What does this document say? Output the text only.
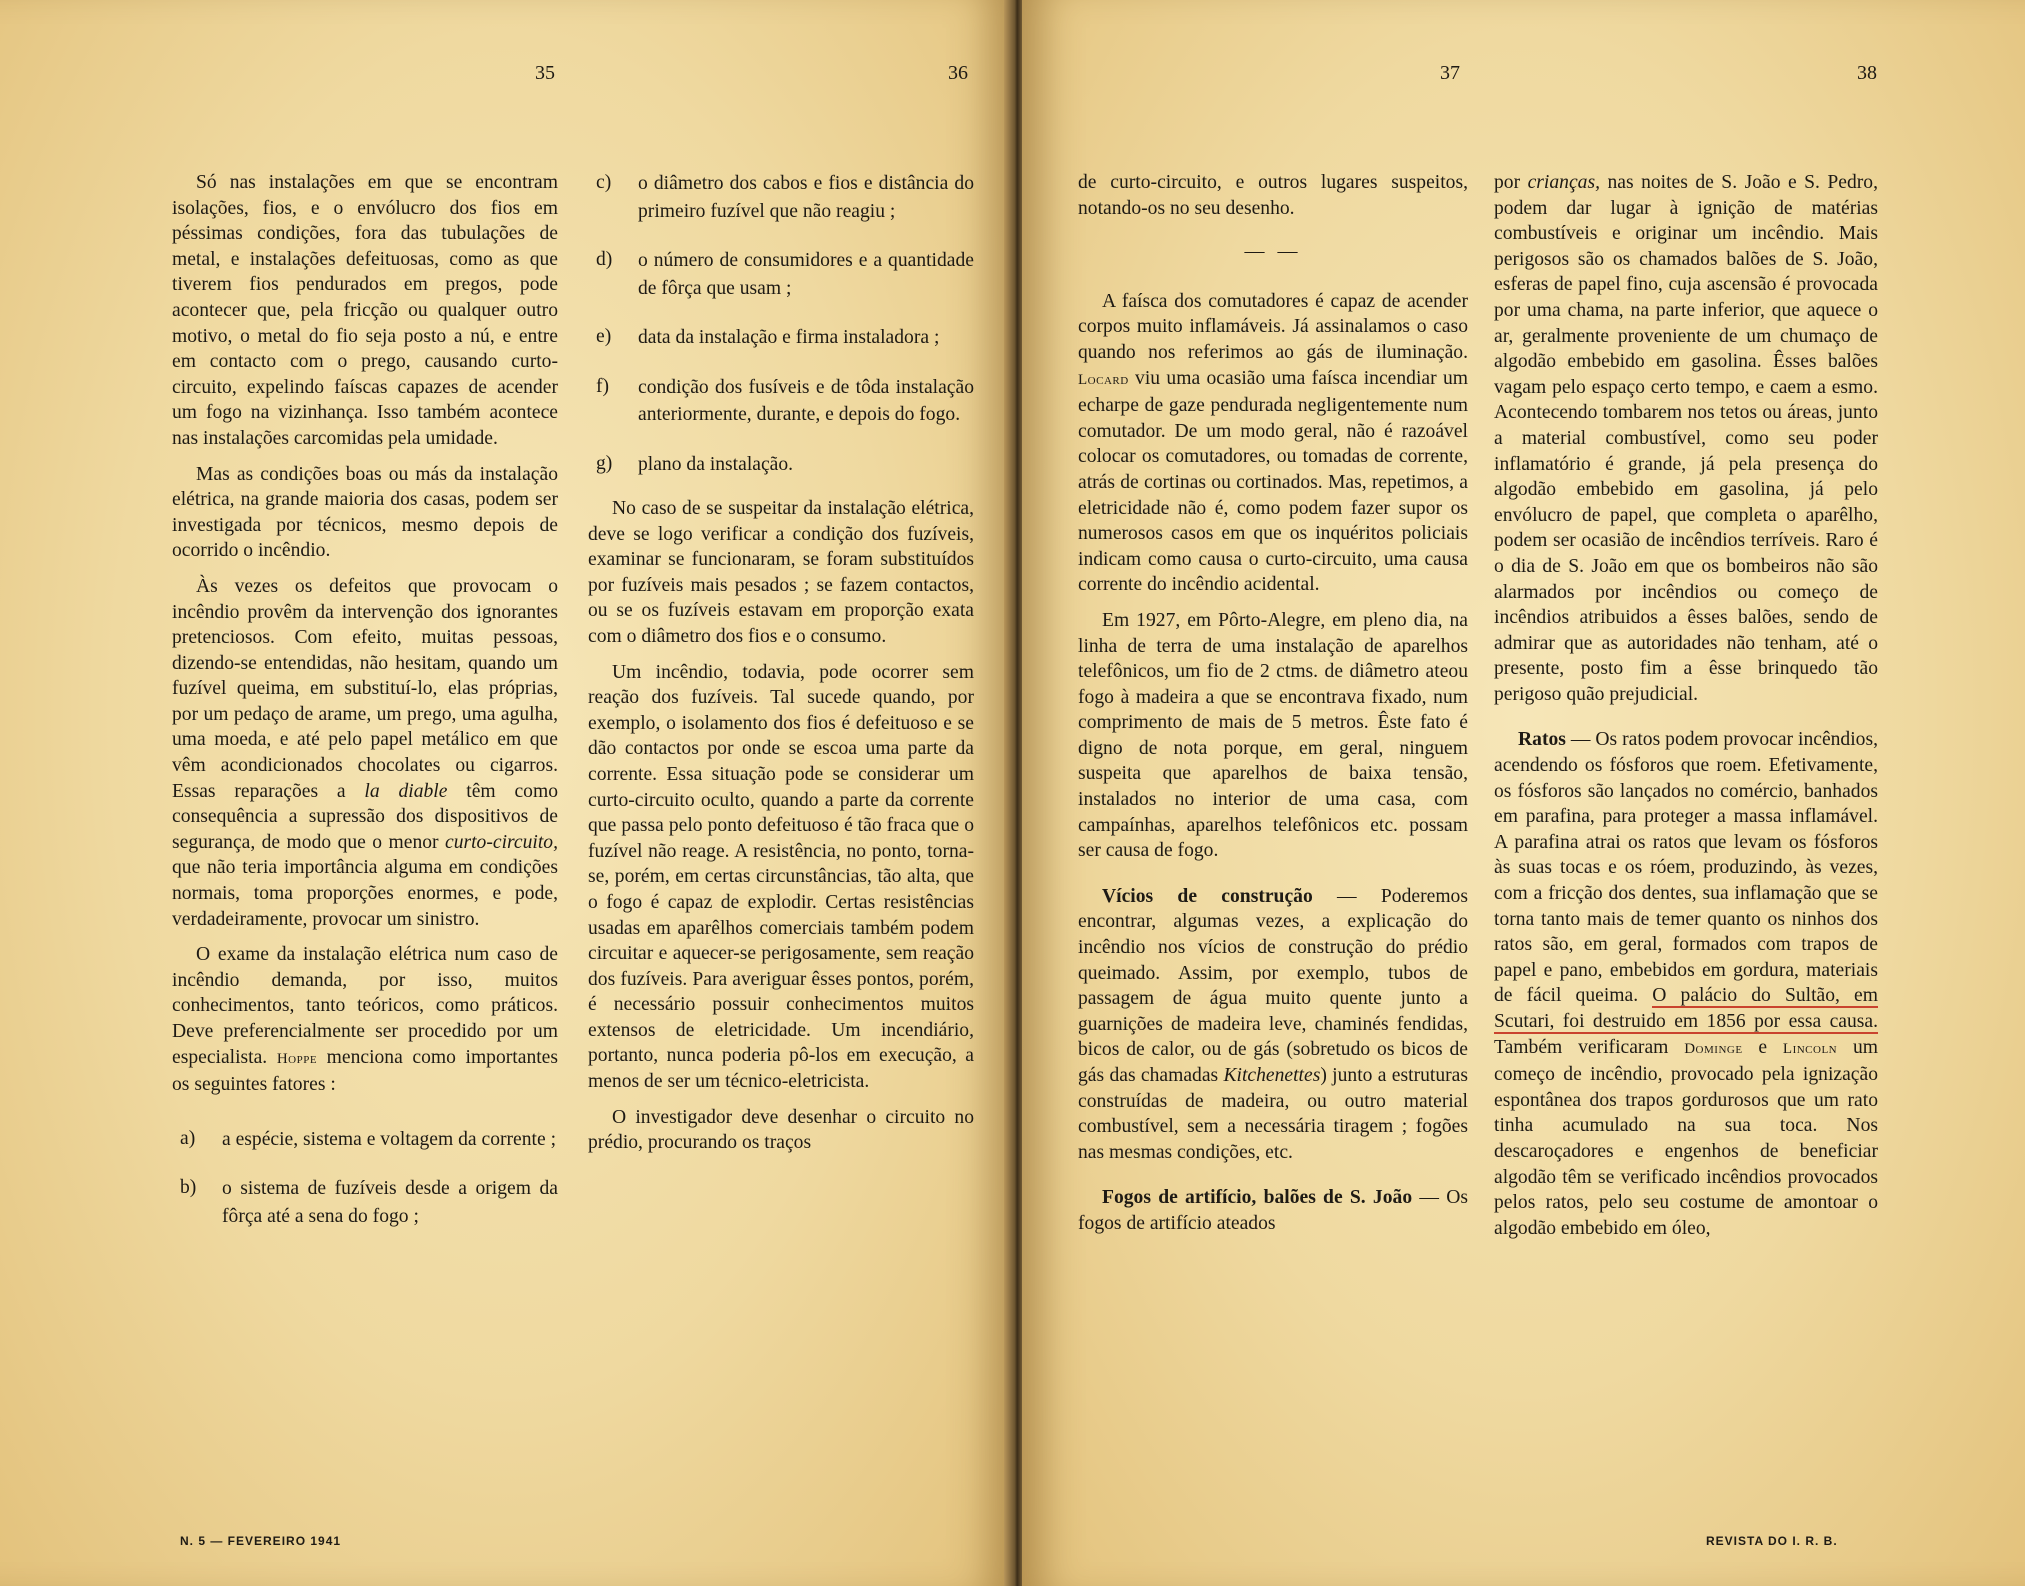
35	36

Só nas instalações em que se encontram isolações, fios, e o envólucro dos fios em péssimas condições, fora das tubulações de metal, e instalações defeituosas, como as que tiverem fios pendurados em pregos, pode acontecer que, pela fricção ou qualquer outro motivo, o metal do fio seja posto a nú, e entre em contacto com o prego, causando curto-circuito, expelindo faíscas capazes de acender um fogo na vizinhança. Isso também acontece nas instalações carcomidas pela umidade.

Mas as condições boas ou más da instalação elétrica, na grande maioria dos casas, podem ser investigada por técnicos, mesmo depois de ocorrido o incêndio.

Às vezes os defeitos que provocam o incêndio provêm da intervenção dos ignorantes pretenciosos. Com efeito, muitas pessoas, dizendo-se entendidas, não hesitam, quando um fuzível queima, em substituí-lo, elas próprias, por um pedaço de arame, um prego, uma agulha, uma moeda, e até pelo papel metálico em que vêm acondicionados chocolates ou cigarros. Essas reparações a la diable têm como consequência a supressão dos dispositivos de segurança, de modo que o menor curto-circuito, que não teria importância alguma em condições normais, toma proporções enormes, e pode, verdadeiramente, provocar um sinistro.

O exame da instalação elétrica num caso de incêndio demanda, por isso, muitos conhecimentos, tanto teóricos, como práticos. Deve preferencialmente ser procedido por um especialista. Hoppe menciona como importantes os seguintes fatores :

a)	a espécie, sistema e voltagem da corrente ;
b)	o sistema de fuzíveis desde a origem da fôrça até a sena do fogo ;
c)	o diâmetro dos cabos e fios e distância do primeiro fuzível que não reagiu ;
d)	o número de consumidores e a quantidade de fôrça que usam ;
e)	data da instalação e firma instaladora ;
f)	condição dos fusíveis e de tôda instalação anteriormente, durante, e depois do fogo.
g)	plano da instalação.

No caso de se suspeitar da instalação elétrica, deve se logo verificar a condição dos fuzíveis, examinar se funcionaram, se foram substituídos por fuzíveis mais pesados ; se fazem contactos, ou se os fuzíveis estavam em proporção exata com o diâmetro dos fios e o consumo.

Um incêndio, todavia, pode ocorrer sem reação dos fuzíveis. Tal sucede quando, por exemplo, o isolamento dos fios é defeituoso e se dão contactos por onde se escoa uma parte da corrente. Essa situação pode se considerar um curto-circuito oculto, quando a parte da corrente que passa pelo ponto defeituoso é tão fraca que o fuzível não reage. A resistência, no ponto, torna-se, porém, em certas circunstâncias, tão alta, que o fogo é capaz de explodir. Certas resistências usadas em aparêlhos comerciais também podem circuitar e aquecer-se perigosamente, sem reação dos fuzíveis. Para averiguar êsses pontos, porém, é necessário possuir conhecimentos muitos extensos de eletricidade. Um incendiário, portanto, nunca poderia pô-los em execução, a menos de ser um técnico-eletricista.

O investigador deve desenhar o circuito no prédio, procurando os traços

N. 5 — FEVEREIRO 1941
37	38

de curto-circuito, e outros lugares suspeitos, notando-os no seu desenho.

— —

A faísca dos comutadores é capaz de acender corpos muito inflamáveis. Já assinalamos o caso quando nos referimos ao gás de iluminação. Locard viu uma ocasião uma faísca incendiar um echarpe de gaze pendurada negligentemente num comutador. De um modo geral, não é razoável colocar os comutadores, ou tomadas de corrente, atrás de cortinas ou cortinados. Mas, repetimos, a eletricidade não é, como podem fazer supor os numerosos casos em que os inquéritos policiais indicam como causa o curto-circuito, uma causa corrente do incêndio acidental.

Em 1927, em Pôrto-Alegre, em pleno dia, na linha de terra de uma instalação de aparelhos telefônicos, um fio de 2 ctms. de diâmetro ateou fogo à madeira a que se encontrava fixado, num comprimento de mais de 5 metros. Êste fato é digno de nota porque, em geral, ninguem suspeita que aparelhos de baixa tensão, instalados no interior de uma casa, com campaínhas, aparelhos telefônicos etc. possam ser causa de fogo.

Vícios de construção — Poderemos encontrar, algumas vezes, a explicação do incêndio nos vícios de construção do prédio queimado. Assim, por exemplo, tubos de passagem de água muito quente junto a guarnições de madeira leve, chaminés fendidas, bicos de calor, ou de gás (sobretudo os bicos de gás das chamadas Kitchenettes) junto a estruturas construídas de madeira, ou outro material combustível, sem a necessária tiragem ; fogões nas mesmas condições, etc.

Fogos de artifício, balões de S. João — Os fogos de artifício ateados

por crianças, nas noites de S. João e S. Pedro, podem dar lugar à ignição de matérias combustíveis e originar um incêndio. Mais perigosos são os chamados balões de S. João, esferas de papel fino, cuja ascensão é provocada por uma chama, na parte inferior, que aquece o ar, geralmente proveniente de um chumaço de algodão embebido em gasolina. Êsses balões vagam pelo espaço certo tempo, e caem a esmo. Acontecendo tombarem nos tetos ou áreas, junto a material combustível, como seu poder inflamatório é grande, já pela presença do algodão embebido em gasolina, já pelo envólucro de papel, que completa o aparêlho, podem ser ocasião de incêndios terríveis. Raro é o dia de S. João em que os bombeiros não são alarmados por incêndios ou começo de incêndios atribuidos a êsses balões, sendo de admirar que as autoridades não tenham, até o presente, posto fim a êsse brinquedo tão perigoso quão prejudicial.

Ratos — Os ratos podem provocar incêndios, acendendo os fósforos que roem. Efetivamente, os fósforos são lançados no comércio, banhados em parafina, para proteger a massa inflamável. A parafina atrai os ratos que levam os fósforos às suas tocas e os róem, produzindo, às vezes, com a fricção dos dentes, sua inflamação que se torna tanto mais de temer quanto os ninhos dos ratos são, em geral, formados com trapos de papel e pano, embebidos em gordura, materiais de fácil queima. O palácio do Sultão, em Scutari, foi destruido em 1856 por essa causa. Também verificaram Dominge e Lincoln um começo de incêndio, provocado pela ignização espontânea dos trapos gordurosos que um rato tinha acumulado na sua toca. Nos descaroçadores e engenhos de beneficiar algodão têm se verificado incêndios provocados pelos ratos, pelo seu costume de amontoar o algodão embebido em óleo,

REVISTA DO I. R. B.
